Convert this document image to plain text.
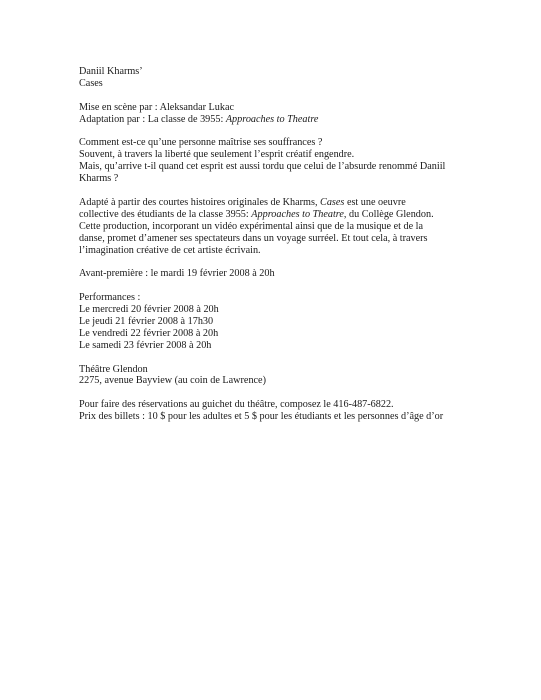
Daniil Kharms’
Cases
Mise en scène par : Aleksandar Lukac
Adaptation par : La classe de 3955: Approaches to Theatre
Comment est-ce qu’une personne maîtrise ses souffrances ?
Souvent, à travers la liberté que seulement l’esprit créatif engendre.
Mais, qu’arrive t-il quand cet esprit est aussi tordu que celui de l’absurde renommé Daniil
Kharms ?
Adapté à partir des courtes histoires originales de Kharms, Cases est une oeuvre
collective des étudiants de la classe 3955: Approaches to Theatre, du Collège Glendon.
Cette production, incorporant un vidéo expérimental ainsi que de la musique et de la
danse, promet d’amener ses spectateurs dans un voyage surréel. Et tout cela, à travers
l’imagination créative de cet artiste écrivain.
Avant-première : le mardi 19 février 2008 à 20h
Performances :
Le mercredi 20 février 2008 à 20h
Le jeudi 21 février 2008 à 17h30
Le vendredi 22 février 2008 à 20h
Le samedi 23 février 2008 à 20h
Théâtre Glendon
2275, avenue Bayview (au coin de Lawrence)
Pour faire des réservations au guichet du théâtre, composez le 416-487-6822.
Prix des billets : 10 $ pour les adultes et 5 $ pour les étudiants et les personnes d’âge d’or
